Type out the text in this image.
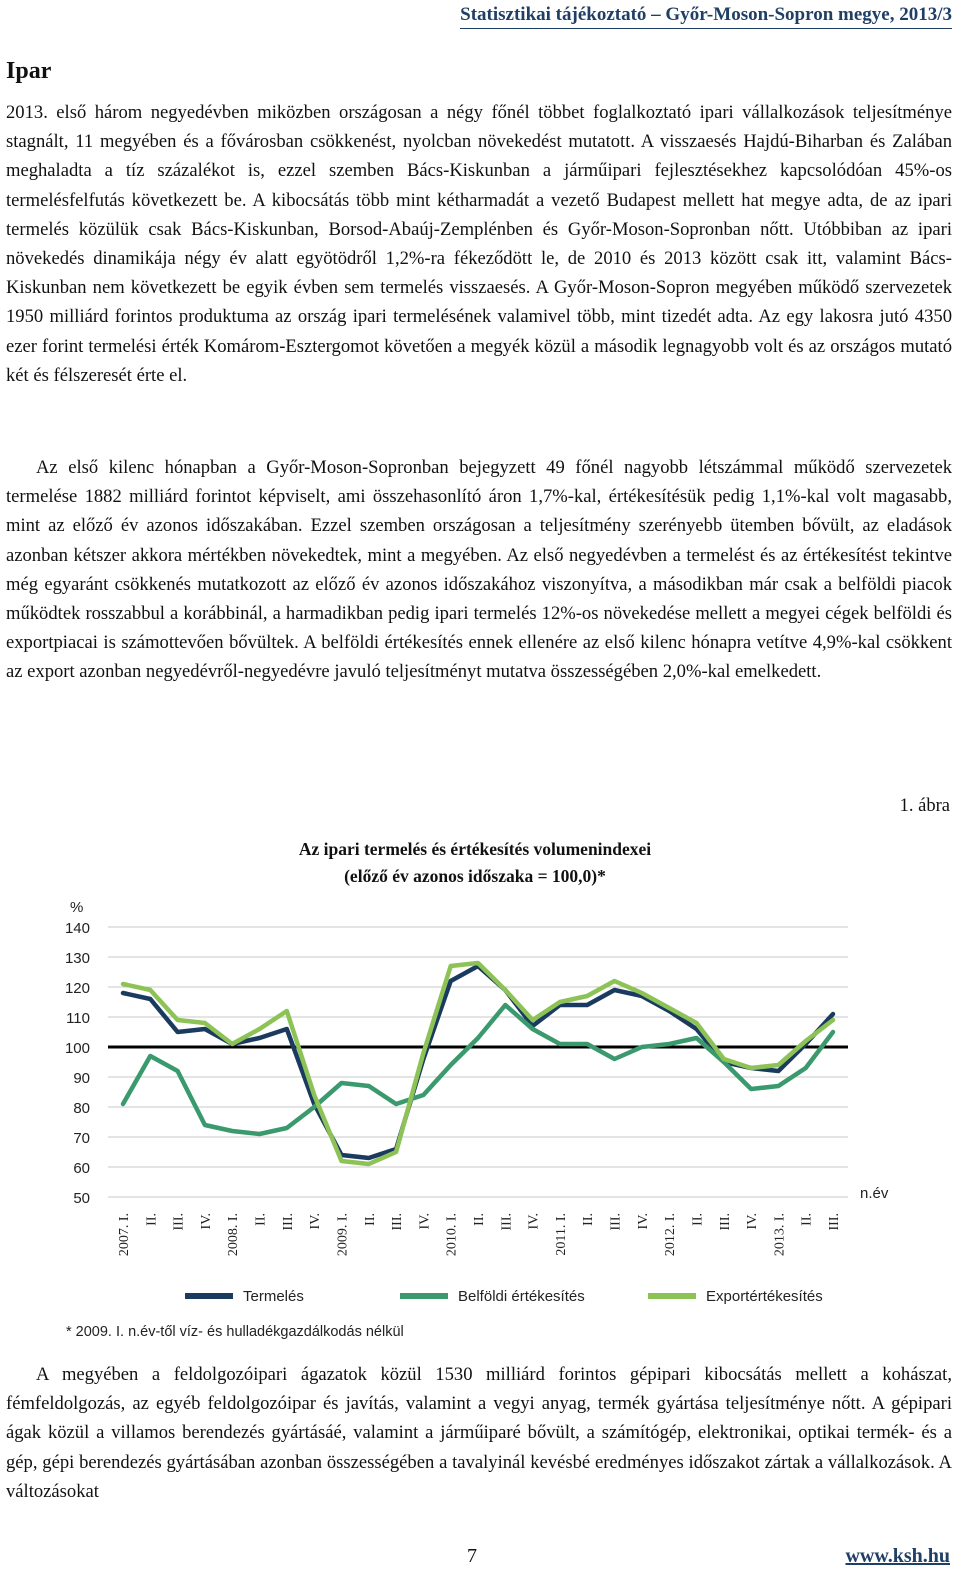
Statisztikai tájékoztató – Győr-Moson-Sopron megye, 2013/3
Ipar

2013. első három negyedévben miközben országosan a négy főnél többet foglalkoztató ipari vállalkozások teljesítménye stagnált, 11 megyében és a fővárosban csökkenést, nyolcban növekedést mutatott. A visszaesés Hajdú-Biharban és Zalában meghaladta a tíz százalékot is, ezzel szemben Bács-Kiskunban a járműipari fejlesztésekhez kapcsolódóan 45%-os termelésfelfutás következett be. A kibocsátás több mint kétharmadát a vezető Budapest mellett hat megye adta, de az ipari termelés közülük csak Bács-Kiskunban, Borsod-Abaúj-Zemplénben és Győr-Moson-Sopronban nőtt. Utóbbiban az ipari növekedés dinamikája négy év alatt egyötödről 1,2%-ra fékeződött le, de 2010 és 2013 között csak itt, valamint Bács-Kiskunban nem következett be egyik évben sem termelés visszaesés. A Győr-Moson-Sopron megyében működő szervezetek 1950 milliárd forintos produktuma az ország ipari termelésének valamivel több, mint tizedét adta. Az egy lakosra jutó 4350 ezer forint termelési érték Komárom-Esztergomot követően a megyék közül a második legnagyobb volt és az országos mutató két és félszeresét érte el.

Az első kilenc hónapban a Győr-Moson-Sopronban bejegyzett 49 főnél nagyobb létszámmal működő szervezetek termelése 1882 milliárd forintot képviselt, ami összehasonlító áron 1,7%-kal, értékesítésük pedig 1,1%-kal volt magasabb, mint az előző év azonos időszakában. Ezzel szemben országosan a teljesítmény szerényebb ütemben bővült, az eladások azonban kétszer akkora mértékben növekedtek, mint a megyében. Az első negyedévben a termelést és az értékesítést tekintve még egyaránt csökkenés mutatkozott az előző év azonos időszakához viszonyítva, a másodikban már csak a belföldi piacok működtek rosszabbul a korábbinál, a harmadikban pedig ipari termelés 12%-os növekedése mellett a megyei cégek belföldi és exportpiacai is számottevően bővültek. A belföldi értékesítés ennek ellenére az első kilenc hónapra vetítve 4,9%-kal csökkent az export azonban negyedévről-negyedévre javuló teljesítményt mutatva összességében 2,0%-kal emelkedett.

1. ábra
Az ipari termelés és értékesítés volumenindexei
(előző év azonos időszaka = 100,0)*
50
60
70
80
90
100
110
120
130
140
%
n.év
2007. I. II. III. IV. 2008. I. II. III. IV. 2009. I. II. III. IV. 2010. I. II. III. IV. 2011. I. II. III. IV. 2012. I. II. III. IV. 2013. I. II. III.
Termelés	Belföldi értékesítés	Exportértékesítés
* 2009. I. n.év-től víz- és hulladékgazdálkodás nélkül

A megyében a feldolgozóipari ágazatok közül 1530 milliárd forintos gépipari kibocsátás mellett a kohászat, fémfeldolgozás, az egyéb feldolgozóipar és javítás, valamint a vegyi anyag, termék gyártása teljesítménye nőtt. A gépipari ágak közül a villamos berendezés gyártásáé, valamint a járműiparé bővült, a számítógép, elektronikai, optikai termék- és a gép, gépi berendezés gyártásában azonban összességében a tavalyinál kevésbé eredményes időszakot zártak a vállalkozások. A változásokat

7	www.ksh.hu
